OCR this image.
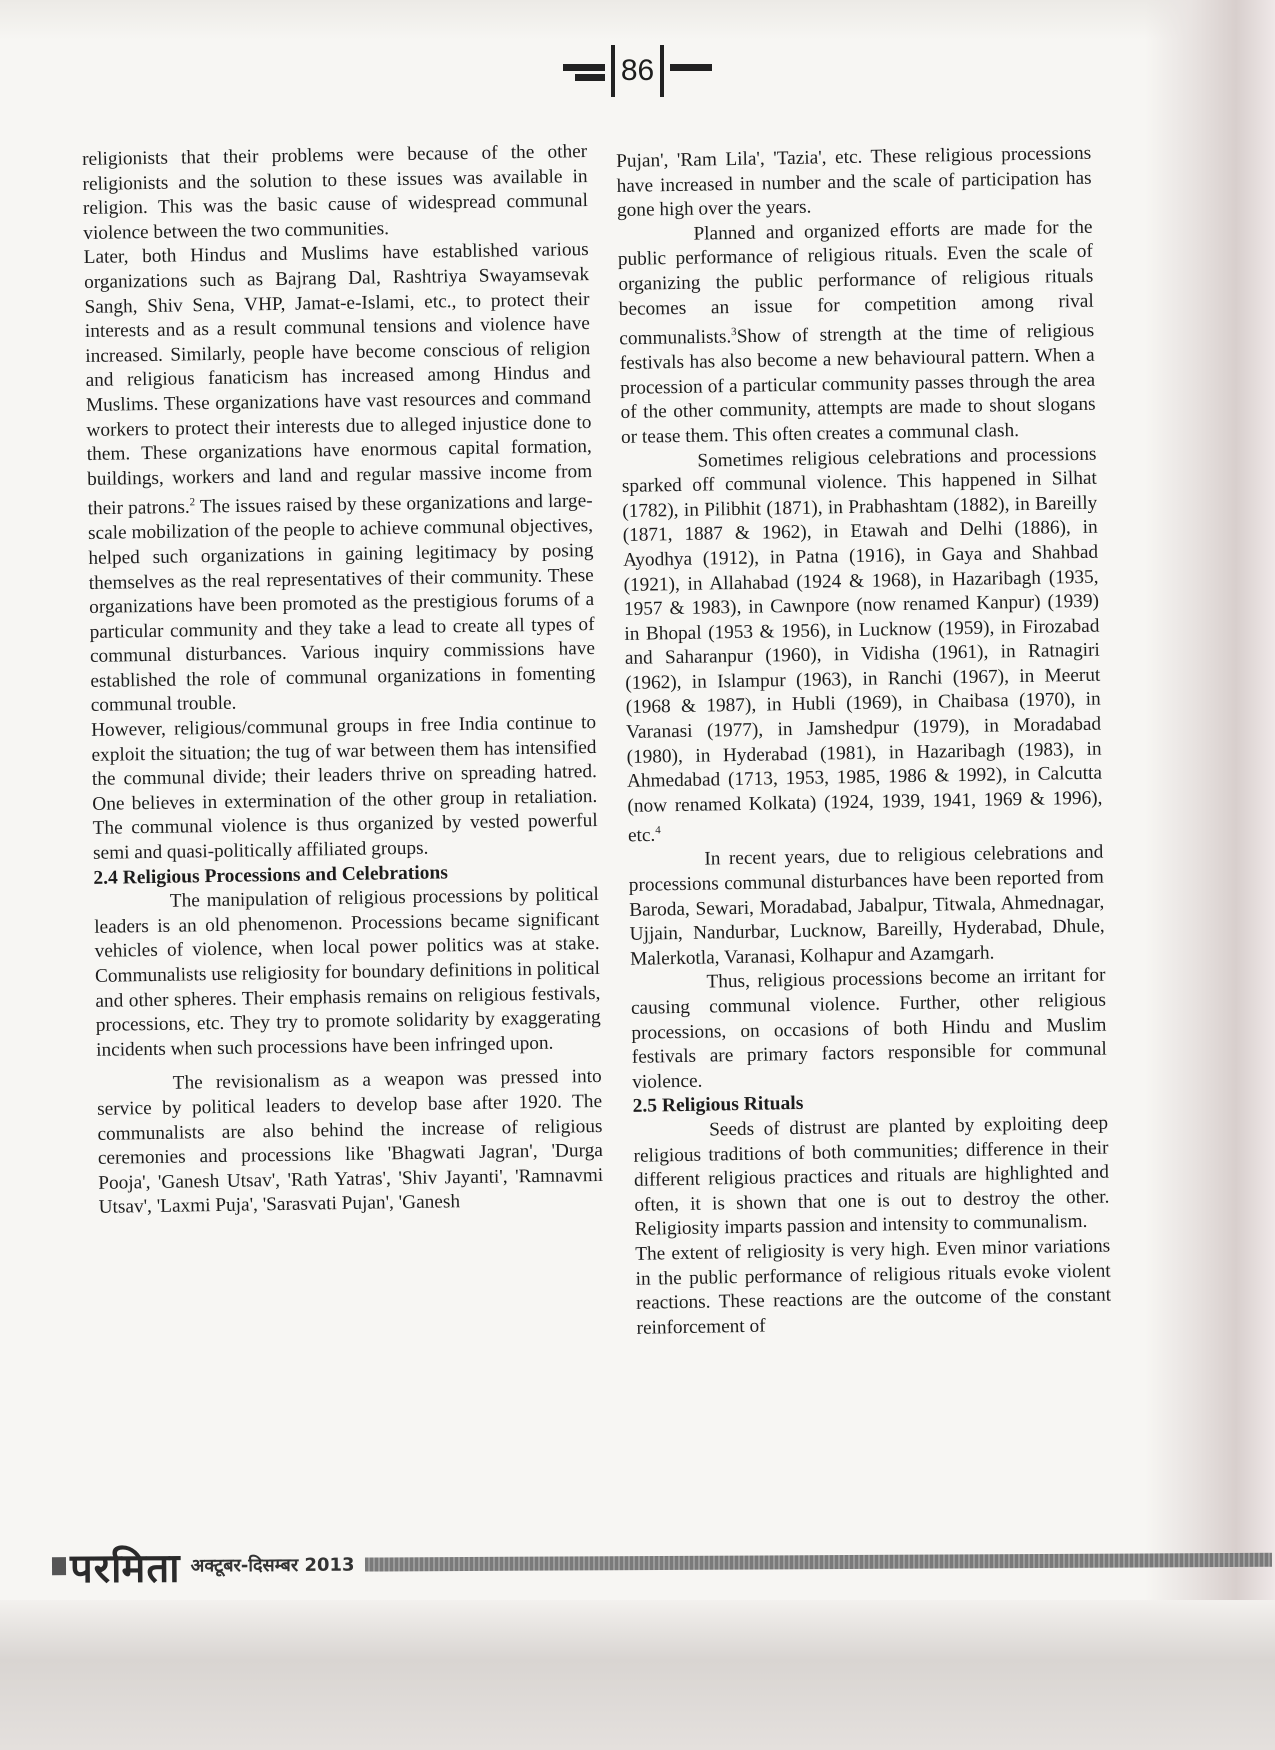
86

religionists that their problems were because of the other religionists and the solution to these issues was available in religion. This was the basic cause of widespread communal violence between the two communities.

Later, both Hindus and Muslims have established various organizations such as Bajrang Dal, Rashtriya Swayamsevak Sangh, Shiv Sena, VHP, Jamat-e-Islami, etc., to protect their interests and as a result communal tensions and violence have increased. Similarly, people have become conscious of religion and religious fanaticism has increased among Hindus and Muslims. These organizations have vast resources and command workers to protect their interests due to alleged injustice done to them. These organizations have enormous capital formation, buildings, workers and land and regular massive income from their patrons.$^2$ The issues raised by these organizations and large-scale mobilization of the people to achieve communal objectives, helped such organizations in gaining legitimacy by posing themselves as the real representatives of their community. These organizations have been promoted as the prestigious forums of a particular community and they take a lead to create all types of communal disturbances. Various inquiry commissions have established the role of communal organizations in fomenting communal trouble.

However, religious/communal groups in free India continue to exploit the situation; the tug of war between them has intensified the communal divide; their leaders thrive on spreading hatred. One believes in extermination of the other group in retaliation. The communal violence is thus organized by vested powerful semi and quasi-politically affiliated groups.

2.4 Religious Processions and Celebrations

The manipulation of religious processions by political leaders is an old phenomenon. Processions became significant vehicles of violence, when local power politics was at stake. Communalists use religiosity for boundary definitions in political and other spheres. Their emphasis remains on religious festivals, processions, etc. They try to promote solidarity by exaggerating incidents when such processions have been infringed upon.

The revisionalism as a weapon was pressed into service by political leaders to develop base after 1920. The communalists are also behind the increase of religious ceremonies and processions like 'Bhagwati Jagran', 'Durga Pooja', 'Ganesh Utsav', 'Rath Yatras', 'Shiv Jayanti', 'Ramnavmi Utsav', 'Laxmi Puja', 'Sarasvati Pujan', 'Ganesh

Pujan', 'Ram Lila', 'Tazia', etc. These religious processions have increased in number and the scale of participation has gone high over the years.

Planned and organized efforts are made for the public performance of religious rituals. Even the scale of organizing the public performance of religious rituals becomes an issue for competition among rival communalists.$^3$Show of strength at the time of religious festivals has also become a new behavioural pattern. When a procession of a particular community passes through the area of the other community, attempts are made to shout slogans or tease them. This often creates a communal clash.

Sometimes religious celebrations and processions sparked off communal violence. This happened in Silhat (1782), in Pilibhit (1871), in Prabhashtam (1882), in Bareilly (1871, 1887 & 1962), in Etawah and Delhi (1886), in Ayodhya (1912), in Patna (1916), in Gaya and Shahbad (1921), in Allahabad (1924 & 1968), in Hazaribagh (1935, 1957 & 1983), in Cawnpore (now renamed Kanpur) (1939) in Bhopal (1953 & 1956), in Lucknow (1959), in Firozabad and Saharanpur (1960), in Vidisha (1961), in Ratnagiri (1962), in Islampur (1963), in Ranchi (1967), in Meerut (1968 & 1987), in Hubli (1969), in Chaibasa (1970), in Varanasi (1977), in Jamshedpur (1979), in Moradabad (1980), in Hyderabad (1981), in Hazaribagh (1983), in Ahmedabad (1713, 1953, 1985, 1986 & 1992), in Calcutta (now renamed Kolkata) (1924, 1939, 1941, 1969 & 1996), etc.$^4$

In recent years, due to religious celebrations and processions communal disturbances have been reported from Baroda, Sewari, Moradabad, Jabalpur, Titwala, Ahmednagar, Ujjain, Nandurbar, Lucknow, Bareilly, Hyderabad, Dhule, Malerkotla, Varanasi, Kolhapur and Azamgarh.

Thus, religious processions become an irritant for causing communal violence. Further, other religious processions, on occasions of both Hindu and Muslim festivals are primary factors responsible for communal violence.

2.5 Religious Rituals

Seeds of distrust are planted by exploiting deep religious traditions of both communities; difference in their different religious practices and rituals are highlighted and often, it is shown that one is out to destroy the other. Religiosity imparts passion and intensity to communalism.

The extent of religiosity is very high. Even minor variations in the public performance of religious rituals evoke violent reactions. These reactions are the outcome of the constant reinforcement of

परमिता अक्टूबर-दिसम्बर 2013
